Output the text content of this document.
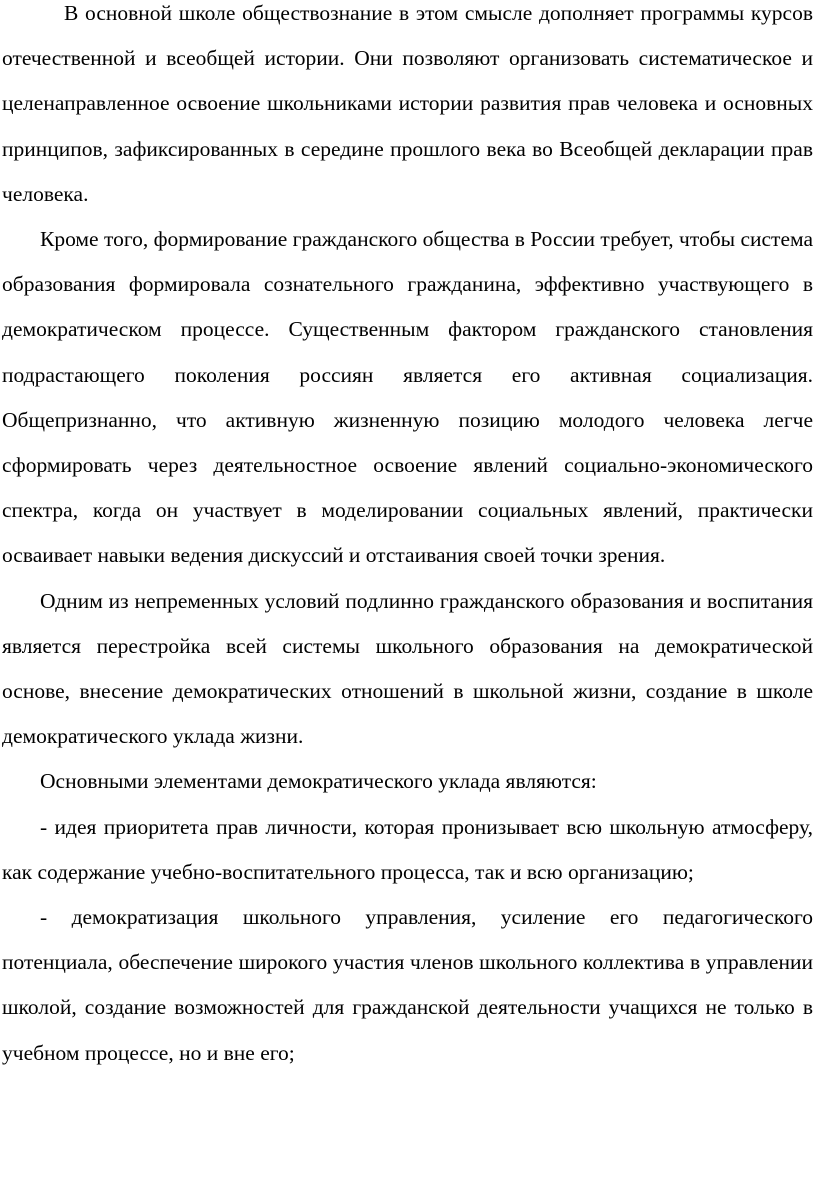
В основной школе обществознание в этом смысле дополняет программы курсов отечественной и всеобщей истории. Они позволяют организовать систематическое и целенаправленное освоение школьниками истории развития прав человека и основных принципов, зафиксированных в середине прошлого века во Всеобщей декларации прав человека.

Кроме того, формирование гражданского общества в России требует, чтобы система образования формировала сознательного гражданина, эффективно участвующего в демократическом процессе. Существенным фактором гражданского становления подрастающего поколения россиян является его активная социализация. Общепризнанно, что активную жизненную позицию молодого человека легче сформировать через деятельностное освоение явлений социально-экономического спектра, когда он участвует в моделировании социальных явлений, практически осваивает навыки ведения дискуссий и отстаивания своей точки зрения.

Одним из непременных условий подлинно гражданского образования и воспитания является перестройка всей системы школьного образования на демократической основе, внесение демократических отношений в школьной жизни, создание в школе демократического уклада жизни.

Основными элементами демократического уклада являются:

- идея приоритета прав личности, которая пронизывает всю школьную атмосферу, как содержание учебно-воспитательного процесса, так и всю организацию;

- демократизация школьного управления, усиление его педагогического потенциала, обеспечение широкого участия членов школьного коллектива в управлении школой, создание возможностей для гражданской деятельности учащихся не только в учебном процессе, но и вне его;
